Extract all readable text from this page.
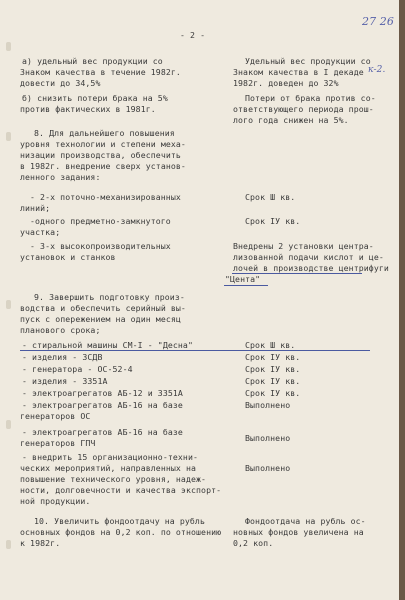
- 2 -
27 26
а) удельный вес продукции со
Знаком качества в течение 1982г.
довести до 34,5%
б) снизить потери брака на 5%
против фактических в 1981г.
8. Для дальнейшего повышения
уровня технологии и степени меха-
низации производства, обеспечить
в 1982г. внедрение сверх установ-
ленного задания:
- 2-х поточно-механизированных
линий;
-одного предметно-замкнутого
участка;
- 3-х высокопроизводительных
установок и станков
9. Завершить подготовку произ-
водства и обеспечить серийный вы-
пуск с опережением на один месяц
планового срока;
- стиральной машины СМ-I - "Десна"
- изделия - ЗСДВ
- генератора - ОС-52-4
- изделия - З351А
- электроагрегатов АБ-12 и З351А
- электроагрегатов АБ-16 на базе
генераторов ОС
- электроагрегатов АБ-16 на базе
генераторов ГПЧ
- внедрить 15 организационно-техни-
ческих мероприятий, направленных на
повышение технического уровня, надеж-
ности, долговечности и качества экспорт-
ной продукции.
10. Увеличить фондоотдачу на рубль
основных фондов на 0,2 коп. по отношению
к 1982г.
Удельный вес продукции со
Знаком качества в I декаде к-2.
1982г. доведен до 32%
Потери от брака против со-
ответствующего периода прош-
лого года снижен на 5%.
Срок Ш кв.
Срок IУ кв.
Внедрены 2 установки центра-
лизованной подачи кислот и це-
лочей в производстве центрифуги
"Цента"
Срок Ш кв.
Срок IУ кв.
Срок IУ кв.
Срок IУ кв.
Срок IУ кв.
Выполнено
Выполнено
Выполнено
Фондоотдача на рубль ос-
новных фондов увеличена на
0,2 коп.
